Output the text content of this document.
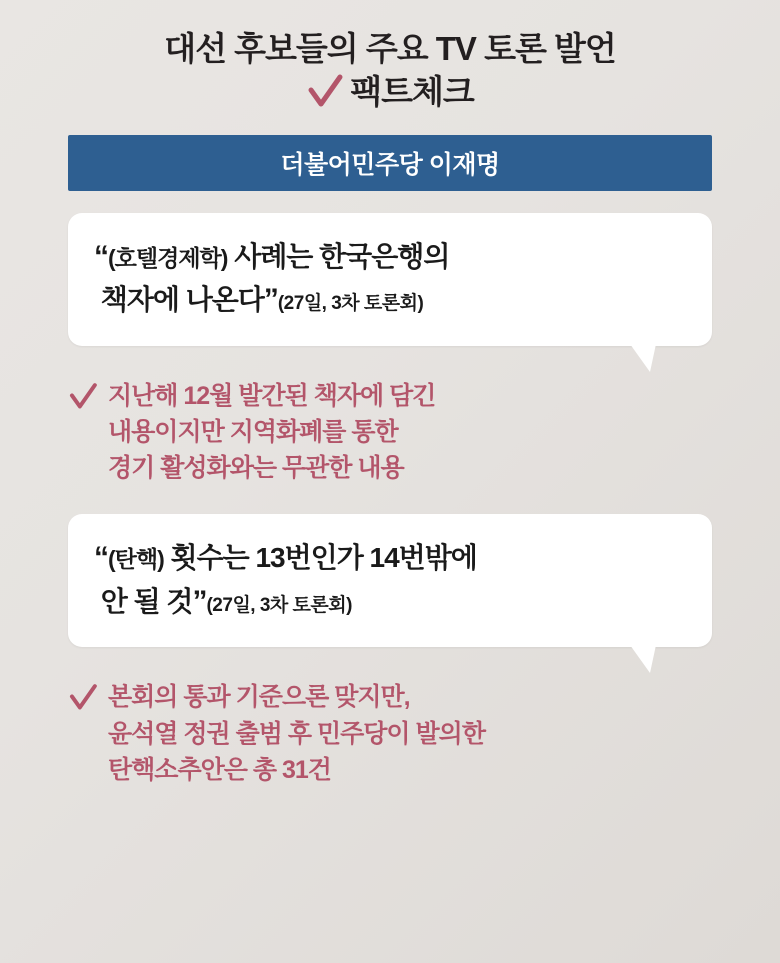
대선 후보들의 주요 TV 토론 발언
팩트체크
더불어민주당 이재명

“(호텔경제학) 사례는 한국은행의

책자에 나온다”(27일, 3차 토론회)

지난해 12월 발간된 책자에 담긴
내용이지만 지역화폐를 통한
경기 활성화와는 무관한 내용

“(탄핵) 횟수는 13번인가 14번밖에

안 될 것”(27일, 3차 토론회)

본회의 통과 기준으론 맞지만,
윤석열 정권 출범 후 민주당이 발의한
탄핵소추안은 총 31건
